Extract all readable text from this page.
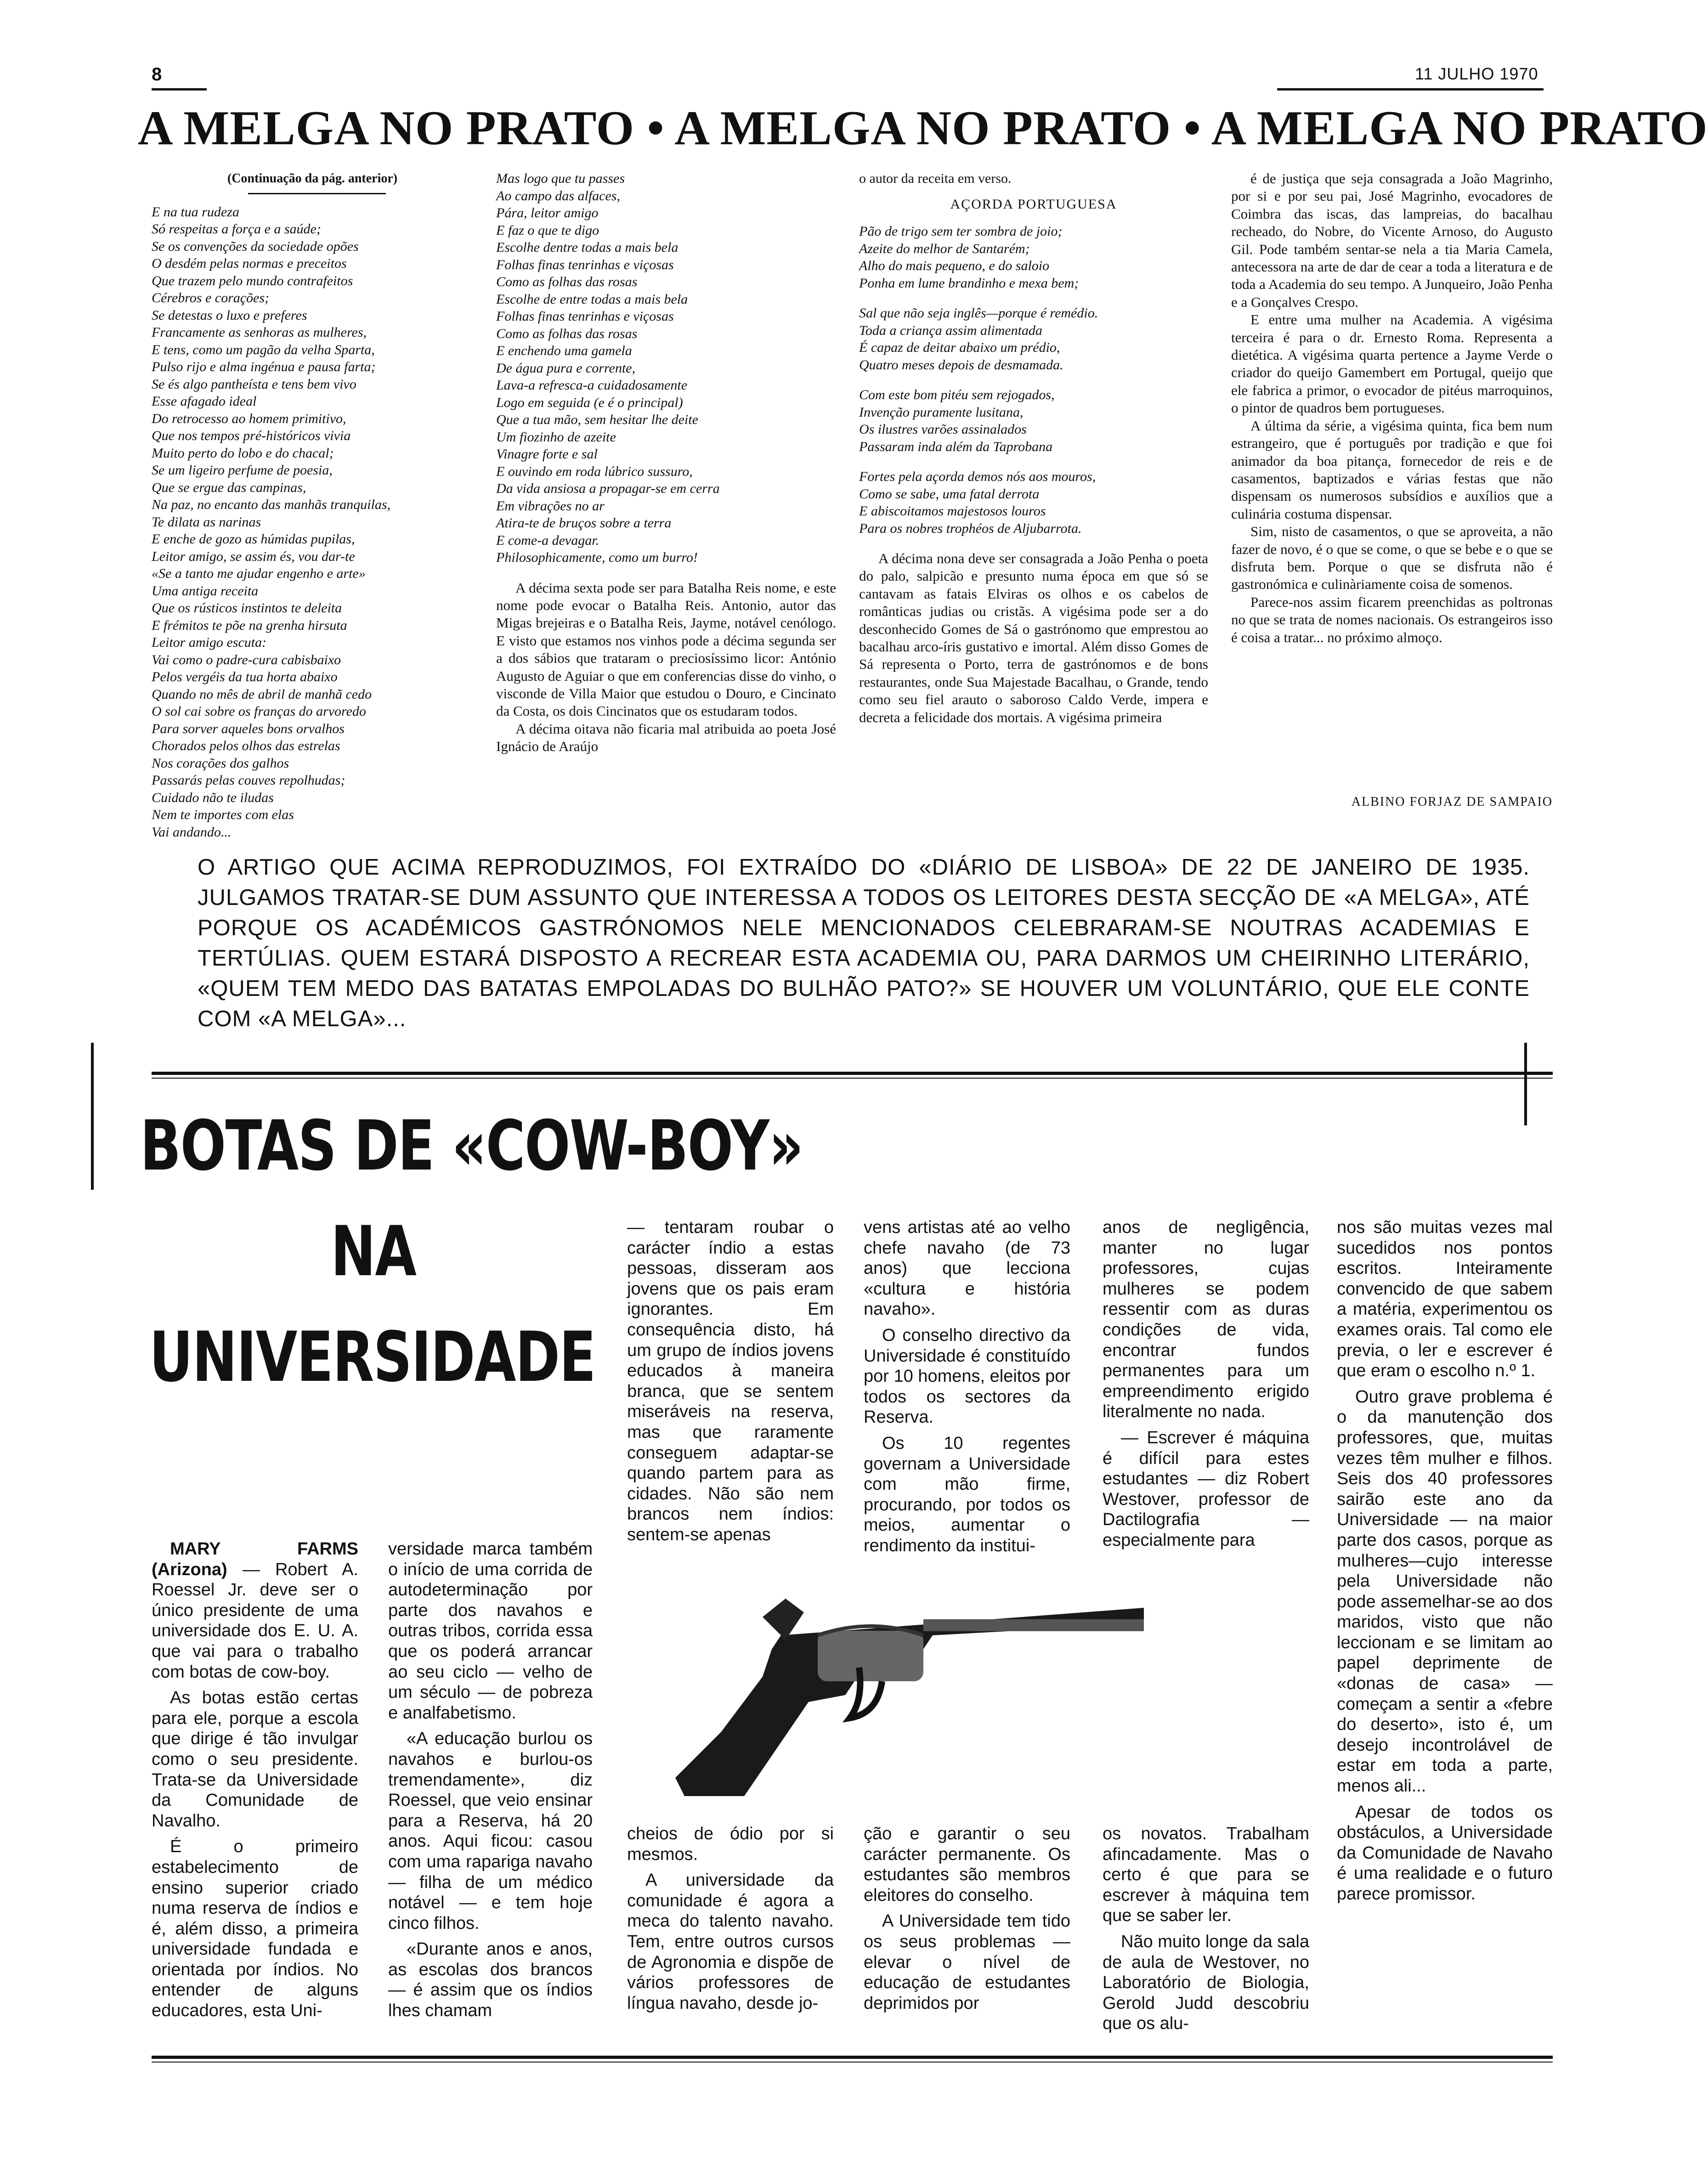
8	11 JULHO 1970
A MELGA NO PRATO • A MELGA NO PRATO • A MELGA NO PRATO
(Continuação da pág. anterior)
E na tua rudeza
Só respeitas a força e a saúde;
Se os convenções da sociedade opões
O desdém pelas normas e preceitos
Que trazem pelo mundo contrafeitos
Cérebros e corações;
Se detestas o luxo e preferes
Francamente as senhoras as mulheres,
E tens, como um pagão da velha Sparta,
Pulso rijo e alma ingénua e pausa farta;
Se és algo pantheísta e tens bem vivo
Esse afagado ideal
Do retrocesso ao homem primitivo,
Que nos tempos pré-históricos vivia
Muito perto do lobo e do chacal;
Se um ligeiro perfume de poesia,
Que se ergue das campinas,
Na paz, no encanto das manhãs tranquilas,
Te dilata as narinas
E enche de gozo as húmidas pupilas,
Leitor amigo, se assim és, vou dar-te
«Se a tanto me ajudar engenho e arte»
Uma antiga receita
Que os rústicos instintos te deleita
E frémitos te põe na grenha hirsuta
Leitor amigo escuta:
Vai como o padre-cura cabisbaixo
Pelos vergéis da tua horta abaixo
Quando no mês de abril de manhã cedo
O sol cai sobre os franças do arvoredo
Para sorver aqueles bons orvalhos
Chorados pelos olhos das estrelas
Nos corações dos galhos
Passarás pelas couves repolhudas;
Cuidado não te iludas
Nem te importes com elas
Vai andando...
Mas logo que tu passes
Ao campo das alfaces,
Pára, leitor amigo
E faz o que te digo
Escolhe dentre todas a mais bela
Folhas finas tenrinhas e viçosas
Como as folhas das rosas
Escolhe de entre todas a mais bela
Folhas finas tenrinhas e viçosas
Como as folhas das rosas
E enchendo uma gamela
De água pura e corrente,
Lava-a refresca-a cuidadosamente
Logo em seguida (e é o principal)
Que a tua mão, sem hesitar lhe deite
Um fiozinho de azeite
Vinagre forte e sal
E ouvindo em roda lúbrico sussuro,
Da vida ansiosa a propagar-se em cerra
Em vibrações no ar
Atira-te de bruços sobre a terra
E come-a devagar.
Philosophicamente, como um burro!

A décima sexta pode ser para Batalha Reis nome, e este nome pode evocar o Batalha Reis. Antonio, autor das Migas brejeiras e o Batalha Reis, Jayme, notável cenólogo. E visto que estamos nos vinhos pode a décima segunda ser a dos sábios que trataram o preciosíssimo licor: António Augusto de Aguiar o que em conferencias disse do vinho, o visconde de Villa Maior que estudou o Douro, e Cincinato da Costa, os dois Cincinatos que os estudaram todos.

A décima oitava não ficaria mal atribuida ao poeta José Ignácio de Araújo

o autor da receita em verso.
AÇORDA PORTUGUESA
Pão de trigo sem ter sombra de joio;
Azeite do melhor de Santarém;
Alho do mais pequeno, e do saloio
Ponha em lume brandinho e mexa bem;
Sal que não seja inglês—porque é remédio.
Toda a criança assim alimentada
É capaz de deitar abaixo um prédio,
Quatro meses depois de desmamada.
Com este bom pitéu sem rejogados,
Invenção puramente lusitana,
Os ilustres varões assinalados
Passaram inda além da Taprobana
Fortes pela açorda demos nós aos mouros,
Como se sabe, uma fatal derrota
E abiscoitamos majestosos louros
Para os nobres trophéos de Aljubarrota.

A décima nona deve ser consagrada a João Penha o poeta do palo, salpicão e presunto numa época em que só se cantavam as fatais Elviras os olhos e os cabelos de românticas judias ou cristãs. A vigésima pode ser a do desconhecido Gomes de Sá o gastrónomo que emprestou ao bacalhau arco-íris gustativo e imortal. Além disso Gomes de Sá representa o Porto, terra de gastrónomos e de bons restaurantes, onde Sua Majestade Bacalhau, o Grande, tendo como seu fiel arauto o saboroso Caldo Verde, impera e decreta a felicidade dos mortais. A vigésima primeira

é de justiça que seja consagrada a João Magrinho, por si e por seu pai, José Magrinho, evocadores de Coimbra das iscas, das lampreias, do bacalhau recheado, do Nobre, do Vicente Arnoso, do Augusto Gil. Pode também sentar-se nela a tia Maria Camela, antecessora na arte de dar de cear a toda a literatura e de toda a Academia do seu tempo. A Junqueiro, João Penha e a Gonçalves Crespo.

E entre uma mulher na Academia. A vigésima terceira é para o dr. Ernesto Roma. Representa a dietética. A vigésima quarta pertence a Jayme Verde o criador do queijo Gamembert em Portugal, queijo que ele fabrica a primor, o evocador de pitéus marroquinos, o pintor de quadros bem portugueses.

A última da série, a vigésima quinta, fica bem num estrangeiro, que é português por tradição e que foi animador da boa pitança, fornecedor de reis e de casamentos, baptizados e várias festas que não dispensam os numerosos subsídios e auxílios que a culinária costuma dispensar.

Sim, nisto de casamentos, o que se aproveita, a não fazer de novo, é o que se come, o que se bebe e o que se disfruta bem. Porque o que se disfruta não é gastronómica e culinàriamente coisa de somenos.

Parece-nos assim ficarem preenchidas as poltronas no que se trata de nomes nacionais. Os estrangeiros isso é coisa a tratar... no próximo almoço.

ALBINO FORJAZ DE SAMPAIO
O ARTIGO QUE ACIMA REPRODUZIMOS, FOI EXTRAÍDO DO «DIÁRIO DE LISBOA» DE 22 DE JANEIRO DE 1935. JULGAMOS TRATAR-SE DUM ASSUNTO QUE INTERESSA A TODOS OS LEITORES DESTA SECÇÃO DE «A MELGA», ATÉ PORQUE OS ACADÉMICOS GASTRÓNOMOS NELE MENCIONADOS CELEBRARAM-SE NOUTRAS ACADEMIAS E TERTÚLIAS. QUEM ESTARÁ DISPOSTO A RECREAR ESTA ACADEMIA OU, PARA DARMOS UM CHEIRINHO LITERÁRIO, «QUEM TEM MEDO DAS BATATAS EMPOLADAS DO BULHÃO PATO?» SE HOUVER UM VOLUNTÁRIO, QUE ELE CONTE COM «A MELGA»...
BOTAS DE «COW-BOY»
NA
UNIVERSIDADE

MARY FARMS (Arizona) — Robert A. Roessel Jr. deve ser o único presidente de uma universidade dos E. U. A. que vai para o trabalho com botas de cow-boy.

As botas estão certas para ele, porque a escola que dirige é tão invulgar como o seu presidente. Trata-se da Universidade da Comunidade de Navalho.

É o primeiro estabelecimento de ensino superior criado numa reserva de índios e é, além disso, a primeira universidade fundada e orientada por índios. No entender de alguns educadores, esta Uni-

versidade marca também o início de uma corrida de autodeterminação por parte dos navahos e outras tribos, corrida essa que os poderá arrancar ao seu ciclo — velho de um século — de pobreza e analfabetismo.

«A educação burlou os navahos e burlou-os tremendamente», diz Roessel, que veio ensinar para a Reserva, há 20 anos. Aqui ficou: casou com uma rapariga navaho — filha de um médico notável — e tem hoje cinco filhos.

«Durante anos e anos, as escolas dos brancos — é assim que os índios lhes chamam

— tentaram roubar o carácter índio a estas pessoas, disseram aos jovens que os pais eram ignorantes. Em consequência disto, há um grupo de índios jovens educados à maneira branca, que se sentem miseráveis na reserva, mas que raramente conseguem adaptar-se quando partem para as cidades. Não são nem brancos nem índios: sentem-se apenas

vens artistas até ao velho chefe navaho (de 73 anos) que lecciona «cultura e história navaho».

O conselho directivo da Universidade é constituído por 10 homens, eleitos por todos os sectores da Reserva.

Os 10 regentes governam a Universidade com mão firme, procurando, por todos os meios, aumentar o rendimento da institui-

anos de negligência, manter no lugar professores, cujas mulheres se podem ressentir com as duras condições de vida, encontrar fundos permanentes para um empreendimento erigido literalmente no nada.

— Escrever é máquina é difícil para estes estudantes — diz Robert Westover, professor de Dactilografia — especialmente para

cheios de ódio por si mesmos.

A universidade da comunidade é agora a meca do talento navaho. Tem, entre outros cursos de Agronomia e dispõe de vários professores de língua navaho, desde jo-

ção e garantir o seu carácter permanente. Os estudantes são membros eleitores do conselho.

A Universidade tem tido os seus problemas — elevar o nível de educação de estudantes deprimidos por

os novatos. Trabalham afincadamente. Mas o certo é que para se escrever à máquina tem que se saber ler.

Não muito longe da sala de aula de Westover, no Laboratório de Biologia, Gerold Judd descobriu que os alu-

nos são muitas vezes mal sucedidos nos pontos escritos. Inteiramente convencido de que sabem a matéria, experimentou os exames orais. Tal como ele previa, o ler e escrever é que eram o escolho n.º 1.

Outro grave problema é o da manutenção dos professores, que, muitas vezes têm mulher e filhos. Seis dos 40 professores sairão este ano da Universidade — na maior parte dos casos, porque as mulheres—cujo interesse pela Universidade não pode assemelhar-se ao dos maridos, visto que não leccionam e se limitam ao papel deprimente de «donas de casa» — começam a sentir a «febre do deserto», isto é, um desejo incontrolável de estar em toda a parte, menos ali...

Apesar de todos os obstáculos, a Universidade da Comunidade de Navaho é uma realidade e o futuro parece promissor.
